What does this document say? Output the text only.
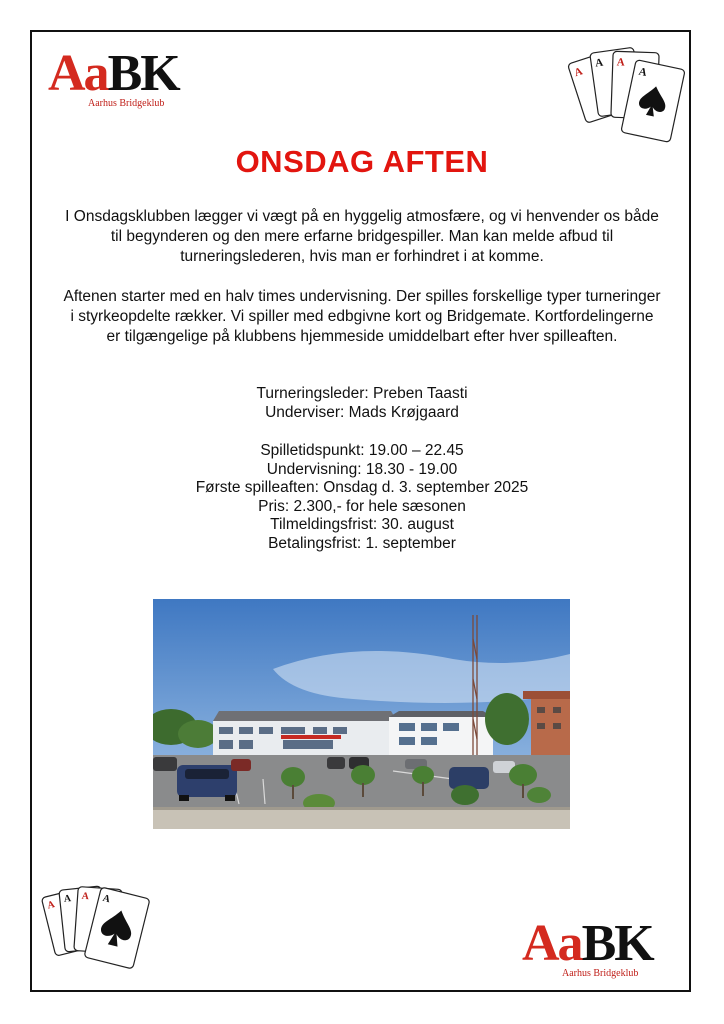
AaBK
Aarhus Bridgeklub
A
A A
A
ONSDAG AFTEN
I Onsdagsklubben lægger vi vægt på en hyggelig atmosfære, og vi henvender os både til begynderen og den mere erfarne bridgespiller. Man kan melde afbud til turneringslederen, hvis man er forhindret i at komme.
Aftenen starter med en halv times undervisning. Der spilles forskellige typer turneringer i styrkeopdelte rækker. Vi spiller med edbgivne kort og Bridgemate. Kortfordelingerne er tilgængelige på klubbens hjemmeside umiddelbart efter hver spilleaften.
Turneringsleder: Preben Taasti
Underviser: Mads Krøjgaard
Spilletidspunkt: 19.00 – 22.45
Undervisning: 18.30 - 19.00
Første spilleaften: Onsdag d. 3. september 2025
Pris: 2.300,- for hele sæsonen
Tilmeldingsfrist: 30. august
Betalingsfrist: 1. september
A
A A A
AaBK
Aarhus Bridgeklub
